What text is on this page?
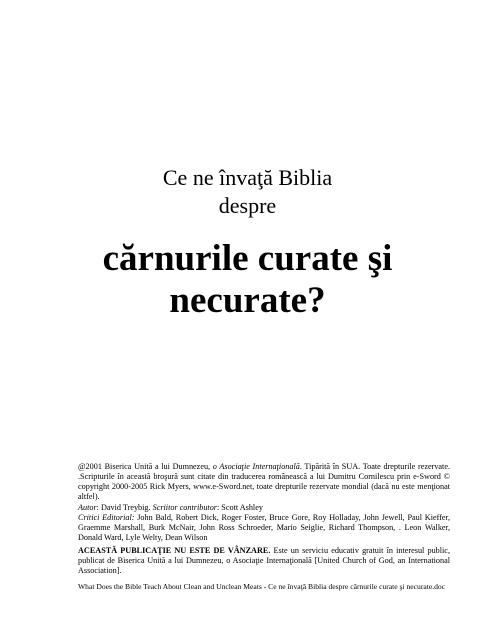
Ce ne învaţă Biblia
despre
cărnurile curate şi
necurate?
@2001 Biserica Unită a lui Dumnezeu, o Asociaţie Internaţională. Tipărită în SUA. Toate drepturile rezervate. .Scripturile în această broşură sunt citate din traducerea românească a lui Dumitru Cornilescu prin e-Sword © copyright 2000-2005 Rick Myers, www.e-Sword.net, toate drepturile rezervate mondial (dacă nu este menţionat altfel).
Autor: David Treybig. Scriitor contributor: Scott Ashley
Critici Editorial: John Bald, Robert Dick, Roger Foster, Bruce Gore, Roy Holladay, John Jewell, Paul Kieffer, Graemme Marshall, Burk McNair, John Ross Schroeder, Mario Seiglie, Richard Thompson, . Leon Walker, Donald Ward, Lyle Welty, Dean Wilson
ACEASTĂ PUBLICAŢIE NU ESTE DE VÂNZARE. Este un serviciu educativ gratuit în interesul public, publicat de Biserica Unită a lui Dumnezeu, o Asociaţie Internaţională [United Church of God, an International Association].
What Does the Bible Teach About Clean and Unclean Meats - Ce ne învaţă Biblia despre cărnurile curate şi necurate.doc
